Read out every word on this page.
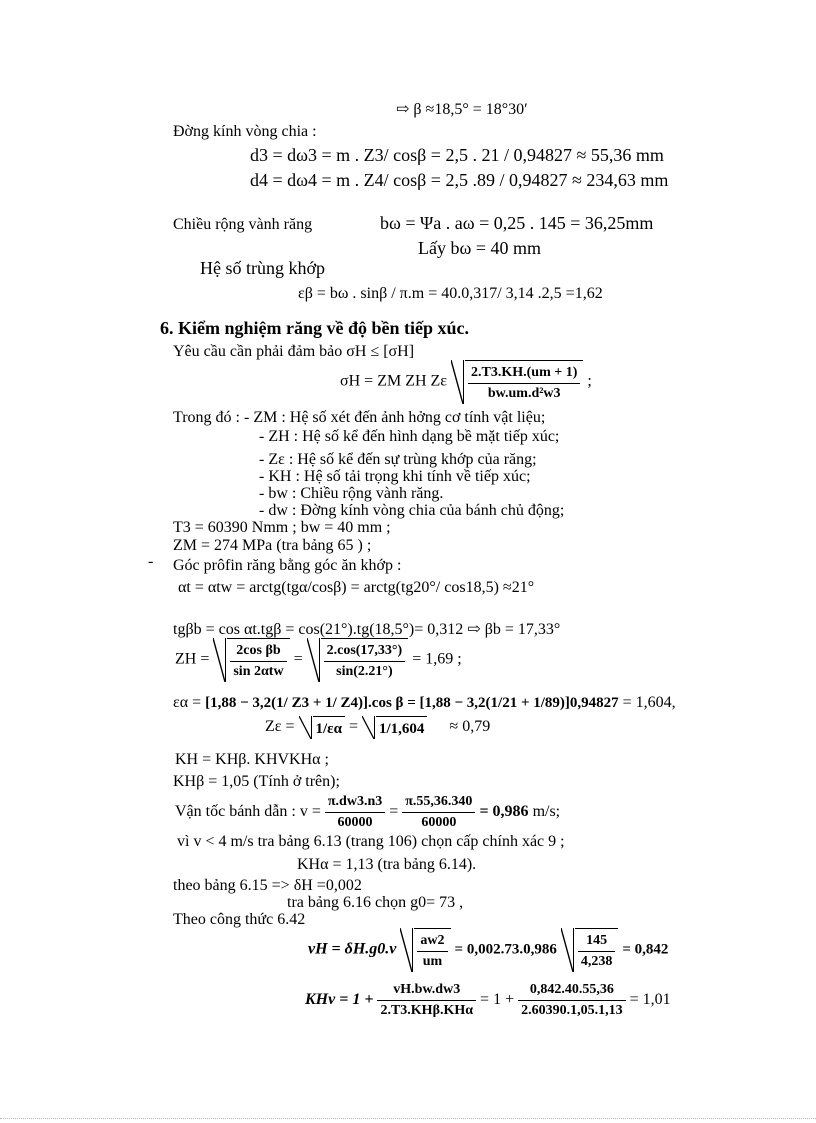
⇨ β ≈18,5° = 18°30′
Đờng kính vòng chia :
d3 = dω3 = m . Z3/ cosβ = 2,5 . 21 / 0,94827 ≈ 55,36 mm
d4 = dω4 = m . Z4/ cosβ = 2,5 .89 / 0,94827 ≈ 234,63 mm
Chiều rộng vành răng	bω = Ψa . aω = 0,25 . 145 = 36,25mm
Lấy bω = 40 mm
Hệ số trùng khớp
εβ = bω . sinβ / π.m = 40.0,317/ 3,14 .2,5 =1,62
6. Kiểm nghiệm răng về độ bền tiếp xúc.
Yêu cầu cần phải đảm bảo σH ≤ [σH]
σH = ZM ZH Zε $\frac{2.T3.KH.(um + 1)}{\text{bw.um.d²w3}}$ ;
Trong đó : - ZM : Hệ số xét đến ảnh hởng cơ tính vật liệu;
- ZH : Hệ số kể đến hình dạng bề mặt tiếp xúc;
- Zε : Hệ số kể đến sự trùng khớp của răng;
- KH : Hệ số tải trọng khi tính về tiếp xúc;
- bw : Chiều rộng vành răng.
- dw : Đờng kính vòng chia của bánh chủ động;
T3 = 60390 Nmm ; bw = 40 mm ;
ZM = 274 MPa (tra bảng 65 ) ;
- Góc prôfin răng bằng góc ăn khớp :
αt = αtw = arctg(tgα/cosβ) = arctg(tg20°/ cos18,5) ≈21°
tgβb = cos αt.tgβ = cos(21°).tg(18,5°)= 0,312 ⇨ βb = 17,33°
ZH = $\frac{\text{2cos βb}}{\text{sin 2αtw}} = \frac{2.\cos(17,33^\circ)}{\sin(2.21^\circ)} = 1,69$ ;
εα = [1,88 − 3,2(1/ Z3 + 1/ Z4)].cos β = [1,88 − 3,2(1/21 + 1/89)]0,94827 = 1,604,
Zε = 1/εα = 1/1,604 ≈ 0,79
KH = KHβ. KHVKHα ;
KHβ = 1,05 (Tính ở trên);
Vận tốc bánh dẫn : $v = \frac{\pi.dw3.n3}{60000} = \frac{\pi.55,36.340}{60000} = 0,986$ m/s;
vì v < 4 m/s tra bảng 6.13 (trang 106) chọn cấp chính xác 9 ;
KHα = 1,13 (tra bảng 6.14).
theo bảng 6.15 => δH =0,002
tra bảng 6.16 chọn g0= 73 ,
Theo công thức 6.42
vH = $\delta H.g0.v \frac{aw2}{um} = 0,002.73.0,986 \frac{145}{4,238} = 0,842$
KHv = $1 + \frac{vH.bw.dw3}{\text{2.T3.KHβ.KHα}} = 1 + \frac{0,842.40.55,36}{2.60390.1,05.1,13} = 1,01$
